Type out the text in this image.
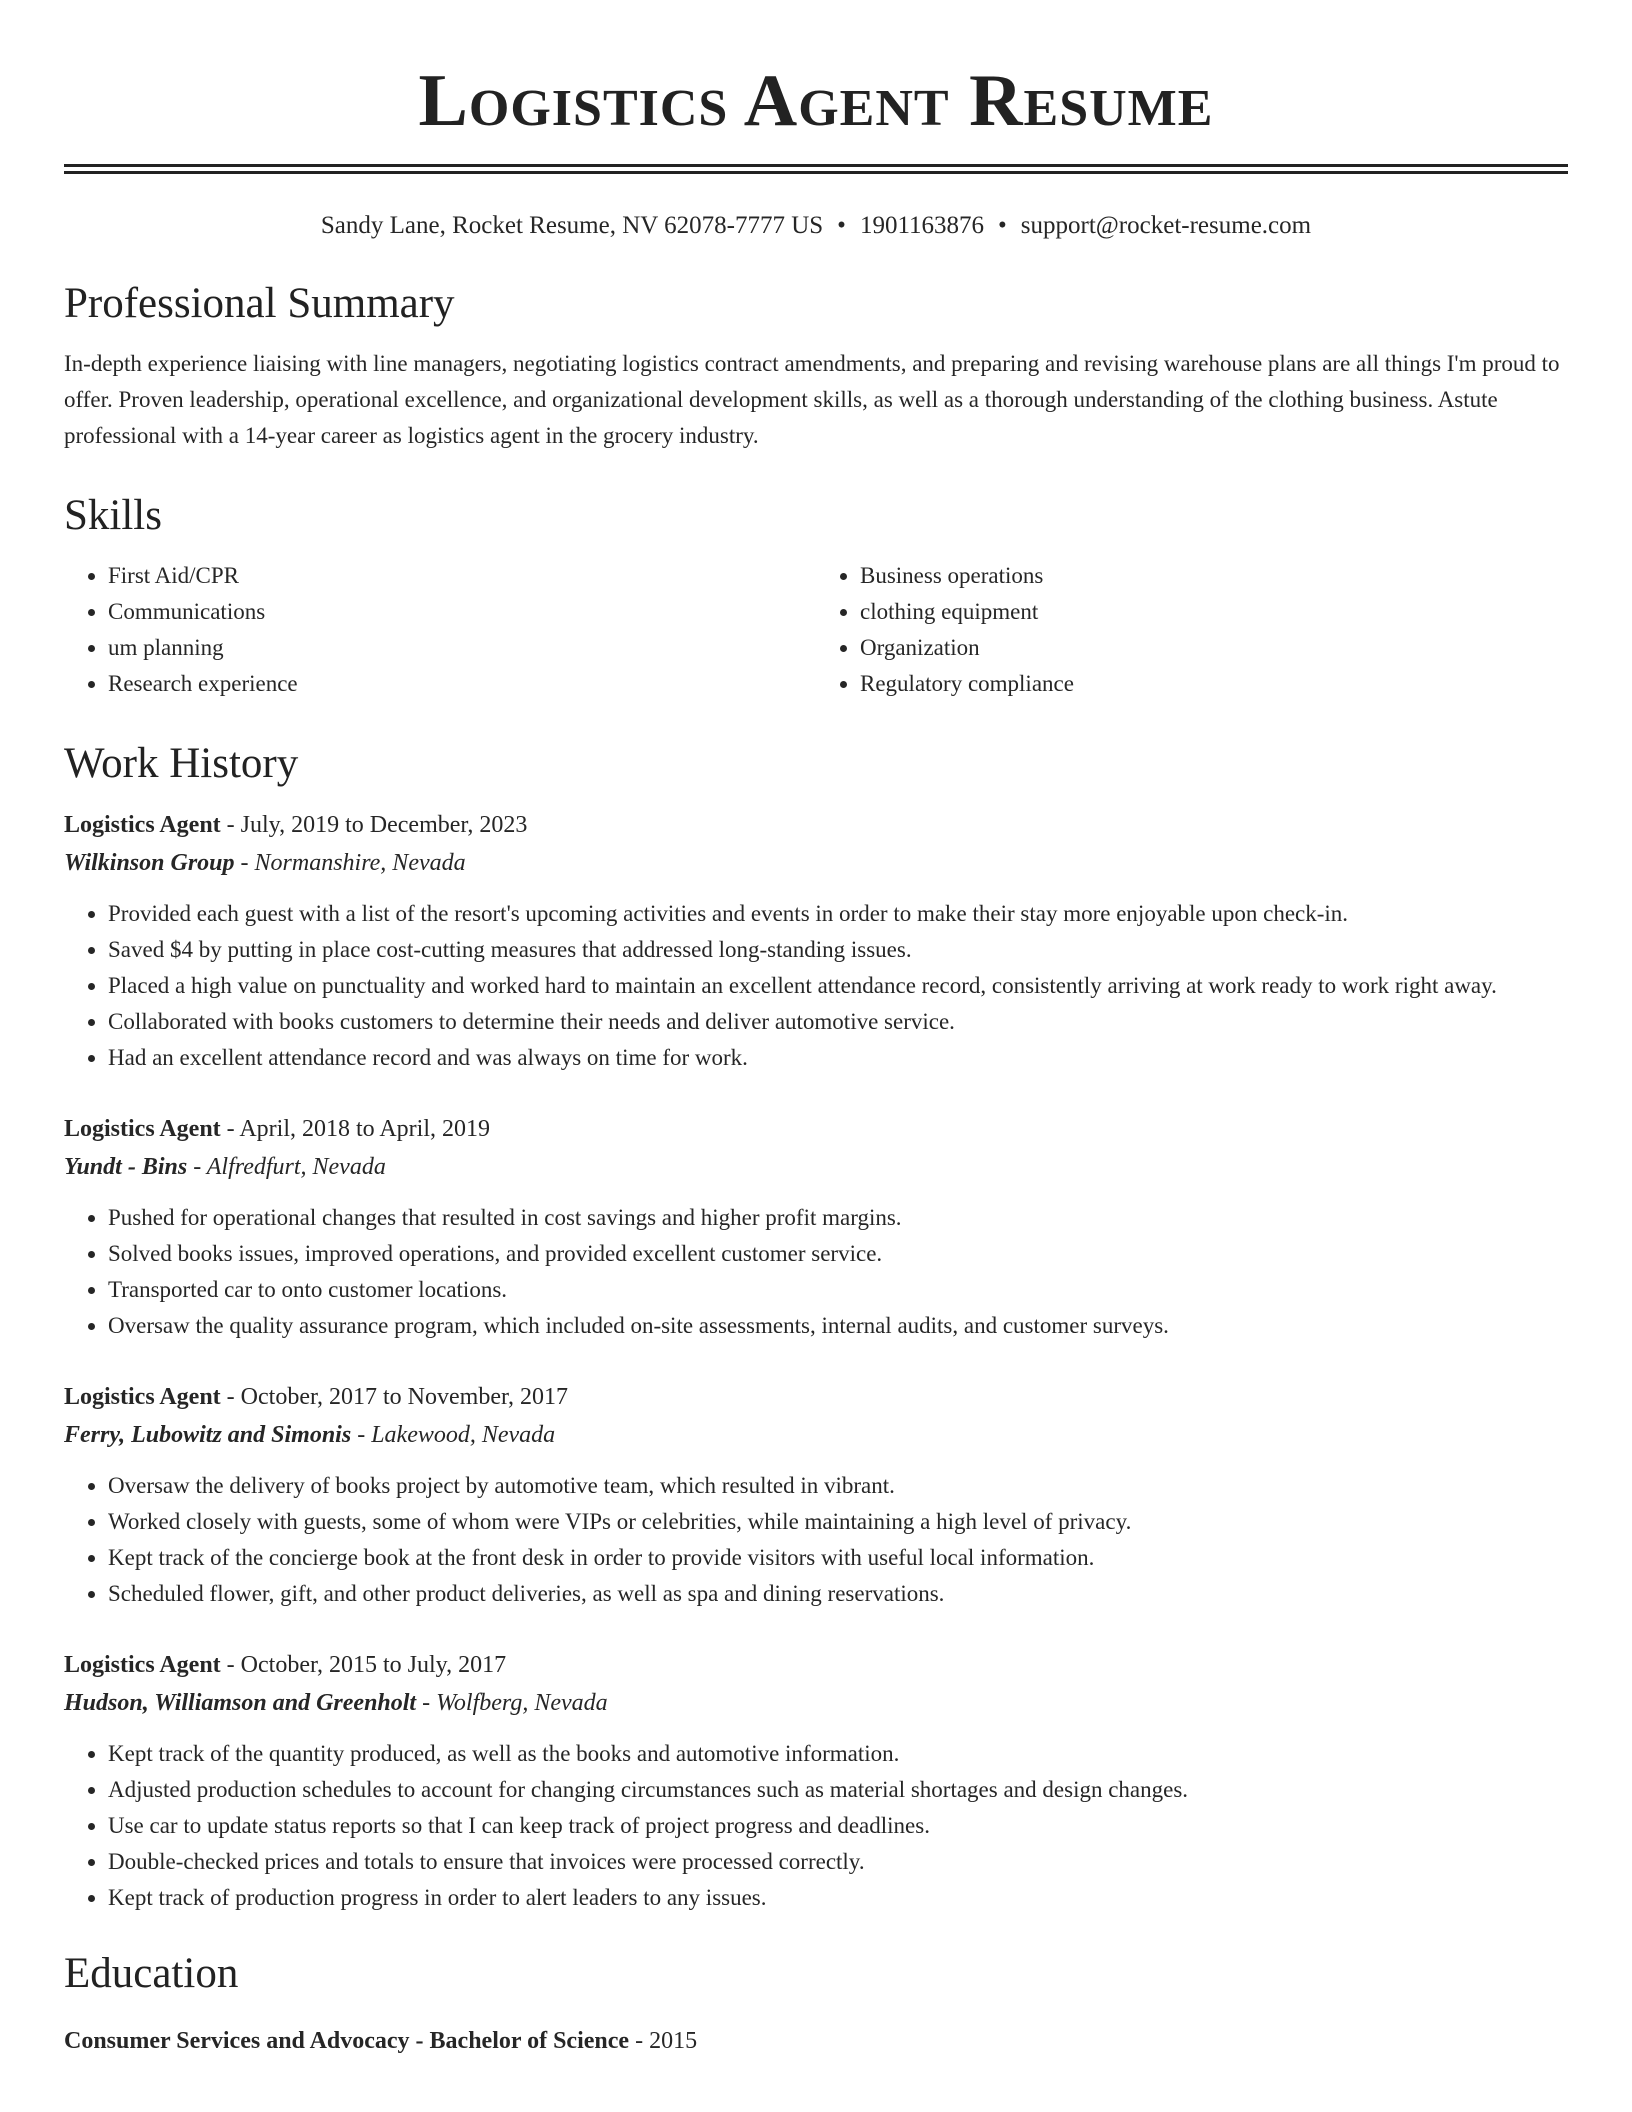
Logistics Agent Resume
Sandy Lane, Rocket Resume, NV 62078-7777 US • 1901163876 • support@rocket-resume.com
Professional Summary

In-depth experience liaising with line managers, negotiating logistics contract amendments, and preparing and revising warehouse plans are all things I'm proud to offer. Proven leadership, operational excellence, and organizational development skills, as well as a thorough understanding of the clothing business. Astute professional with a 14-year career as logistics agent in the grocery industry.

Skills
• First Aid/CPR
• Communications
• um planning
• Research experience
• Business operations
• clothing equipment
• Organization
• Regulatory compliance
Work History
Logistics Agent - July, 2019 to December, 2023
Wilkinson Group - Normanshire, Nevada
• Provided each guest with a list of the resort's upcoming activities and events in order to make their stay more enjoyable upon check-in.
• Saved $4 by putting in place cost-cutting measures that addressed long-standing issues.
• Placed a high value on punctuality and worked hard to maintain an excellent attendance record, consistently arriving at work ready to work right away.
• Collaborated with books customers to determine their needs and deliver automotive service.
• Had an excellent attendance record and was always on time for work.
Logistics Agent - April, 2018 to April, 2019
Yundt - Bins - Alfredfurt, Nevada
• Pushed for operational changes that resulted in cost savings and higher profit margins.
• Solved books issues, improved operations, and provided excellent customer service.
• Transported car to onto customer locations.
• Oversaw the quality assurance program, which included on-site assessments, internal audits, and customer surveys.
Logistics Agent - October, 2017 to November, 2017
Ferry, Lubowitz and Simonis - Lakewood, Nevada
• Oversaw the delivery of books project by automotive team, which resulted in vibrant.
• Worked closely with guests, some of whom were VIPs or celebrities, while maintaining a high level of privacy.
• Kept track of the concierge book at the front desk in order to provide visitors with useful local information.
• Scheduled flower, gift, and other product deliveries, as well as spa and dining reservations.
Logistics Agent - October, 2015 to July, 2017
Hudson, Williamson and Greenholt - Wolfberg, Nevada
• Kept track of the quantity produced, as well as the books and automotive information.
• Adjusted production schedules to account for changing circumstances such as material shortages and design changes.
• Use car to update status reports so that I can keep track of project progress and deadlines.
• Double-checked prices and totals to ensure that invoices were processed correctly.
• Kept track of production progress in order to alert leaders to any issues.
Education
Consumer Services and Advocacy - Bachelor of Science - 2015
